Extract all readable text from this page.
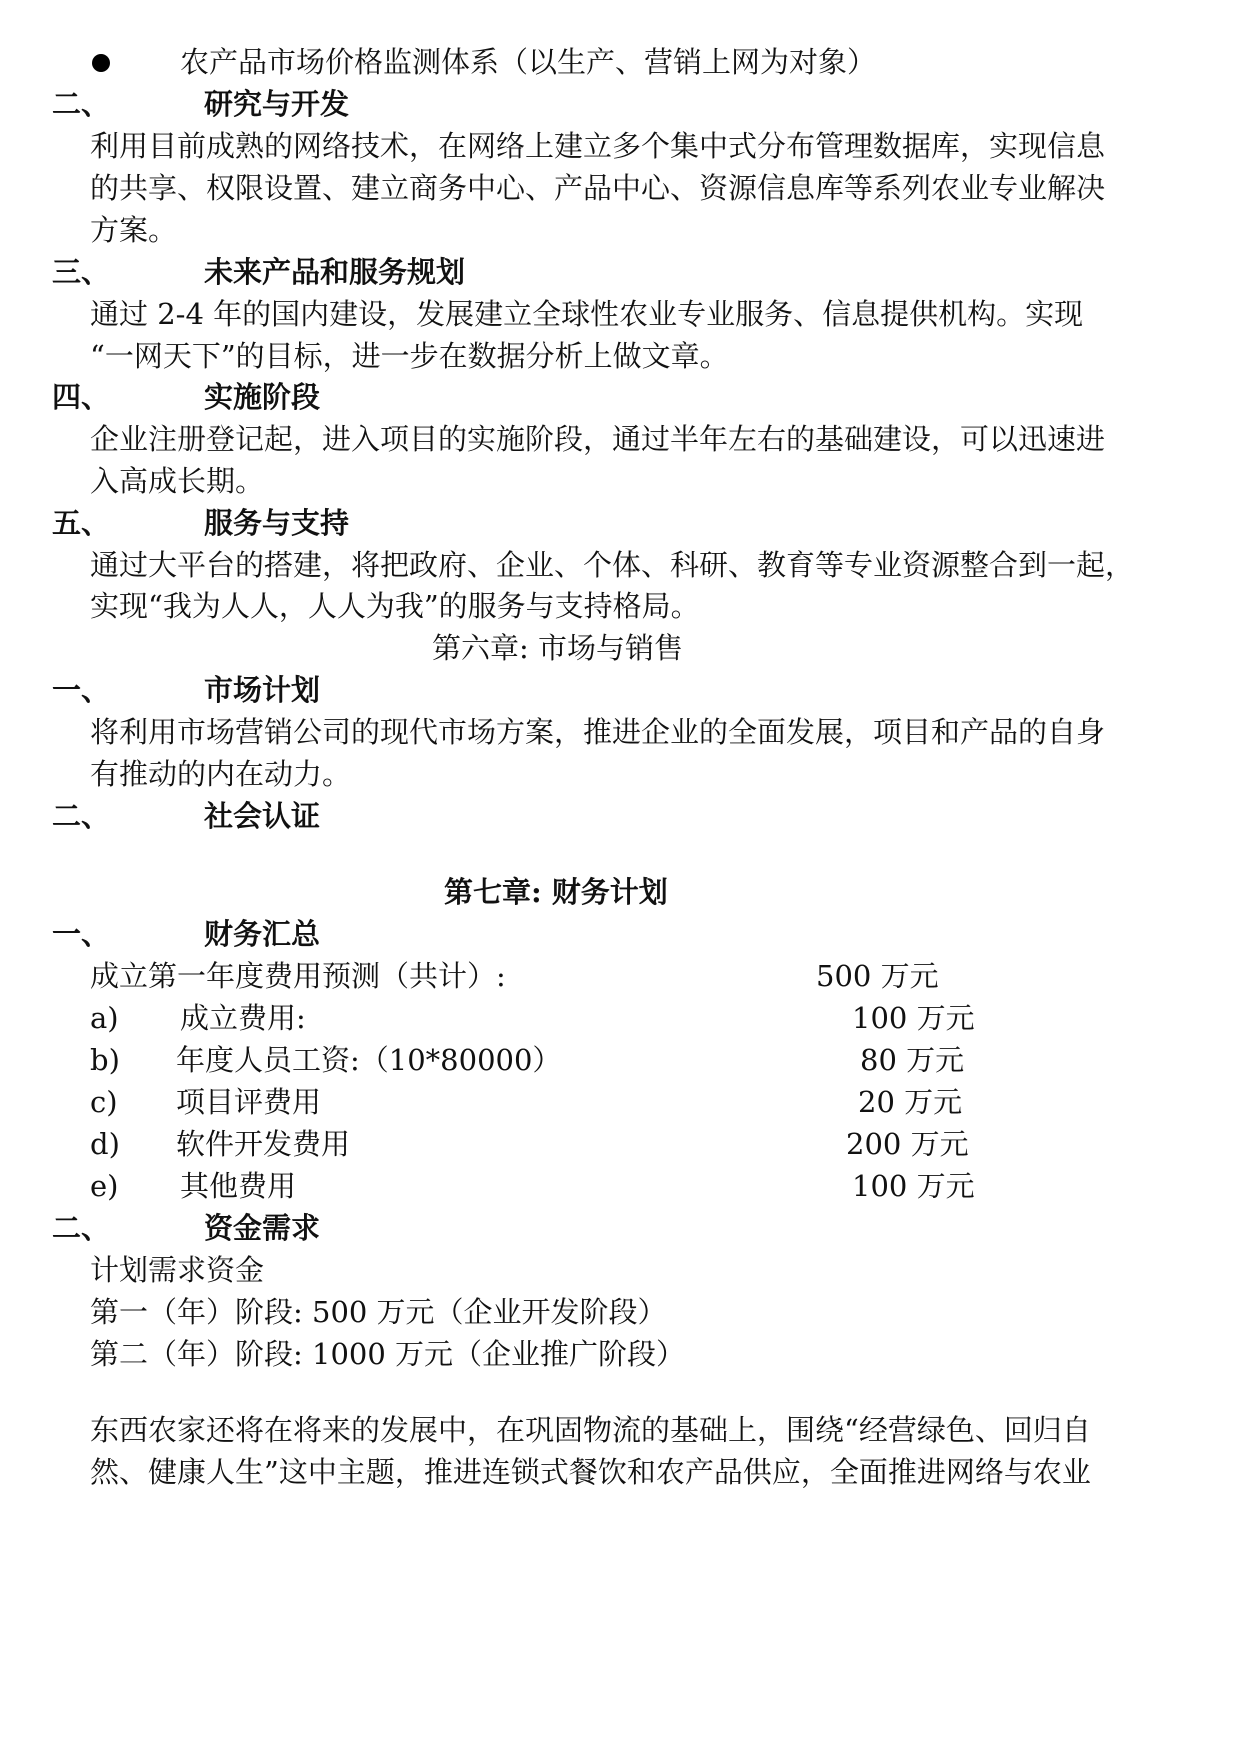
农产品市场价格监测体系（以生产、营销上网为对象）
二、	研究与开发
利用目前成熟的网络技术，在网络上建立多个集中式分布管理数据库，实现信息
的共享、权限设置、建立商务中心、产品中心、资源信息库等系列农业专业解决
方案。
三、	未来产品和服务规划
通过 2-4 年的国内建设，发展建立全球性农业专业服务、信息提供机构。实现
“一网天下”的目标，进一步在数据分析上做文章。
四、	实施阶段
企业注册登记起，进入项目的实施阶段，通过半年左右的基础建设，可以迅速进
入高成长期。
五、	服务与支持
通过大平台的搭建，将把政府、企业、个体、科研、教育等专业资源整合到一起，
实现“我为人人，人人为我”的服务与支持格局。
第六章: 市场与销售
一、	市场计划
将利用市场营销公司的现代市场方案，推进企业的全面发展，项目和产品的自身
有推动的内在动力。
二、	社会认证
第七章: 财务计划
一、	财务汇总
成立第一年度费用预测（共计）:	500 万元
a) 成立费用:	100 万元
b) 年度人员工资:（10*80000）	80 万元
c) 项目评费用	20 万元
d) 软件开发费用	200 万元
e) 其他费用	100 万元
二、	资金需求
计划需求资金
第一（年）阶段: 500 万元（企业开发阶段）
第二（年）阶段: 1000 万元（企业推广阶段）
东西农家还将在将来的发展中，在巩固物流的基础上，围绕“经营绿色、回归自
然、健康人生”这中主题，推进连锁式餐饮和农产品供应，全面推进网络与农业
